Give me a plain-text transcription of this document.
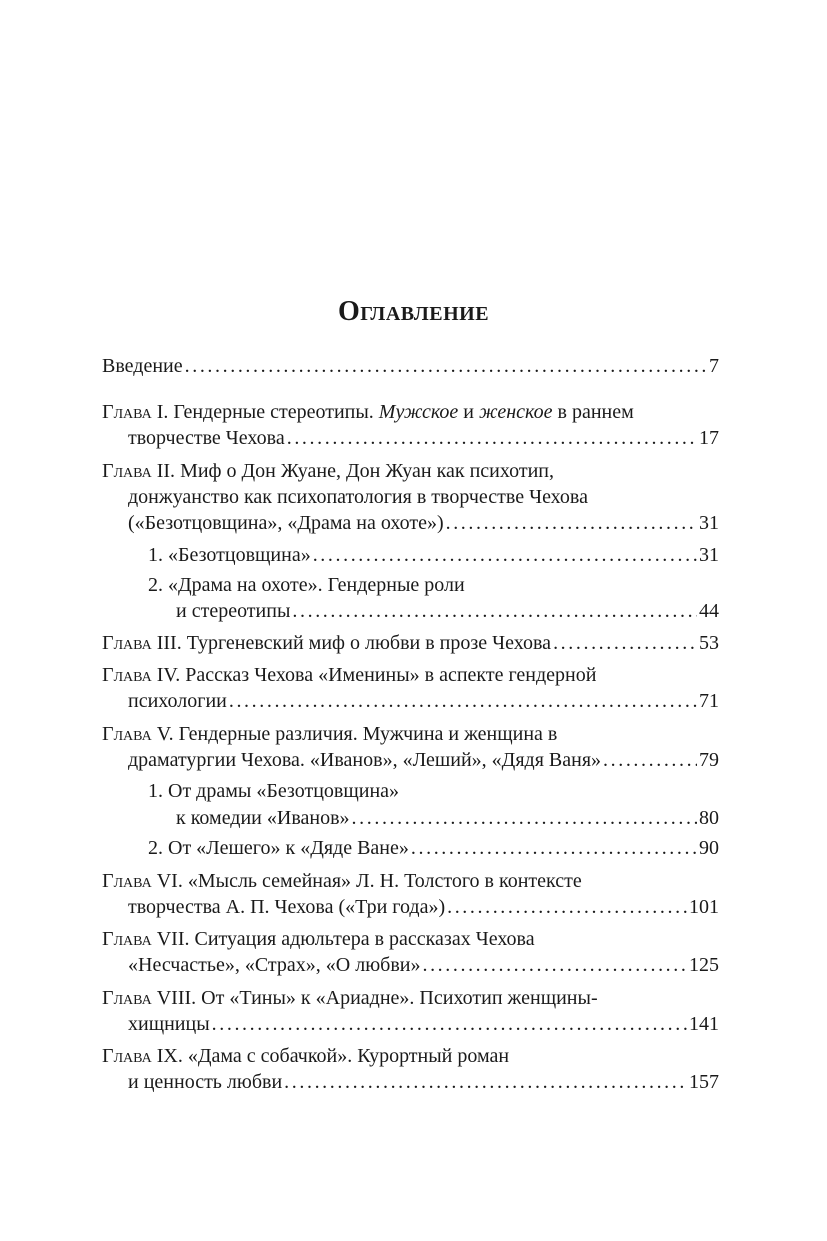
Оглавление
Введение . . .	7
Глава I. Гендерные стереотипы. Мужское и женское в раннем
творчестве Чехова . . .	17
Глава II. Миф о Дон Жуане, Дон Жуан как психотип,
донжуанство как психопатология в творчестве Чехова
(«Безотцовщина», «Драма на охоте») . . .	31
1. «Безотцовщина» . . .	31
2. «Драма на охоте». Гендерные роли
и стереотипы . . .	44
Глава III. Тургеневский миф о любви в прозе Чехова . . .	53
Глава IV. Рассказ Чехова «Именины» в аспекте гендерной
психологии . . .	71
Глава V. Гендерные различия. Мужчина и женщина в
драматургии Чехова. «Иванов», «Леший», «Дядя Ваня» . . .	79
1. От драмы «Безотцовщина»
к комедии «Иванов» . . .	80
2. От «Лешего» к «Дяде Ване» . . .	90
Глава VI. «Мысль семейная» Л. Н. Толстого в контексте
творчества А. П. Чехова («Три года») . . .	101
Глава VII. Ситуация адюльтера в рассказах Чехова
«Несчастье», «Страх», «О любви» . . .	125
Глава VIII. От «Тины» к «Ариадне». Психотип женщины-
хищницы . . .	141
Глава IX. «Дама с собачкой». Курортный роман
и ценность любви . . .	157
